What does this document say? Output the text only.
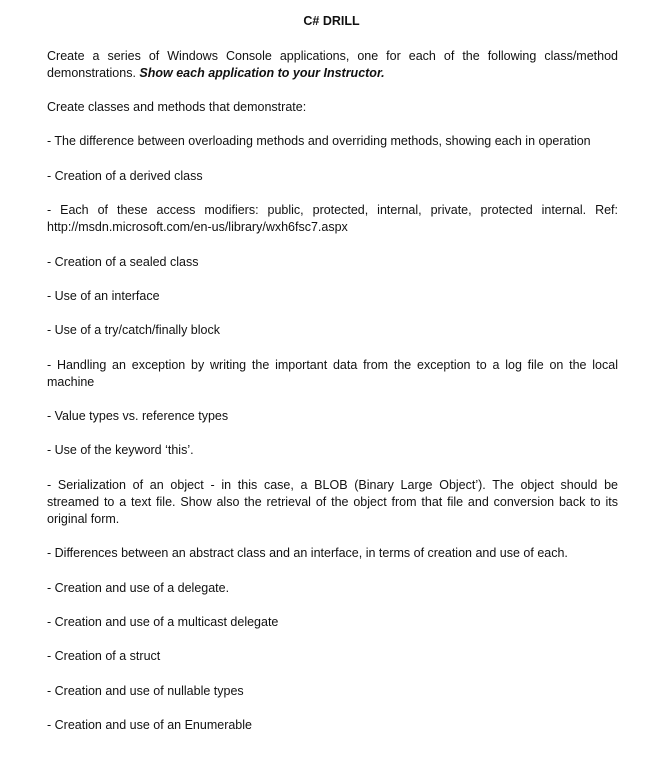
C# DRILL

Create a series of Windows Console applications, one for each of the following class/method demonstrations. Show each application to your Instructor.

Create classes and methods that demonstrate:

- The difference between overloading methods and overriding methods, showing each in operation

- Creation of a derived class

- Each of these access modifiers: public, protected, internal, private, protected internal. Ref: http://msdn.microsoft.com/en-us/library/wxh6fsc7.aspx

- Creation of a sealed class

- Use of an interface

- Use of a try/catch/finally block

- Handling an exception by writing the important data from the exception to a log file on the local machine

- Value types vs. reference types

- Use of the keyword ‘this’.

- Serialization of an object - in this case, a BLOB (Binary Large Object’). The object should be streamed to a text file. Show also the retrieval of the object from that file and conversion back to its original form.

- Differences between an abstract class and an interface, in terms of creation and use of each.

- Creation and use of a delegate.

- Creation and use of a multicast delegate

- Creation of a struct

- Creation and use of nullable types

- Creation and use of an Enumerable
